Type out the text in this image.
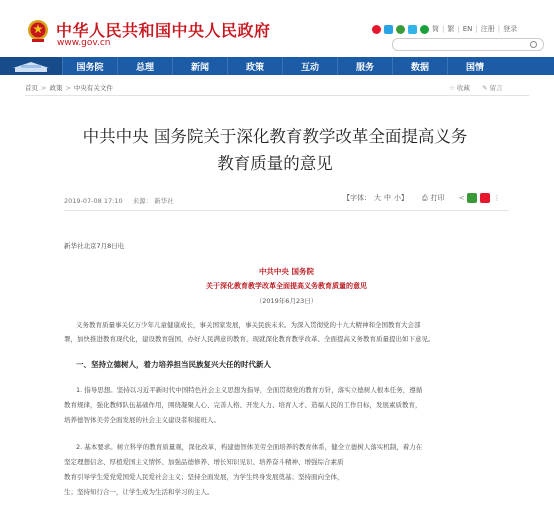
中华人民共和国中央人民政府
www.gov.cn
简 | 繁 | EN | 注册 | 登录
国务院	总理	新闻	政策	互动	服务	数据	国情
首页 > 政策 > 中央有关文件	☆ 收藏 ✎ 留言
中共中央 国务院关于深化教育教学改革全面提高义务
教育质量的意见
2019-07-08 17:10 来源： 新华社	【字体： 大 中 小】 ⎙ 打印 <	⋮
新华社北京7月8日电
中共中央 国务院
关于深化教育教学改革全面提高义务教育质量的意见
（2019年6月23日）
义务教育质量事关亿万少年儿童健康成长，事关国家发展，事关民族未来。为深入贯彻党的十九大精神和全国教育大会部
署，加快推进教育现代化，建设教育强国，办好人民满意的教育，现就深化教育教学改革、全面提高义务教育质量提出如下意见。
一、坚持立德树人，着力培养担当民族复兴大任的时代新人
1. 指导思想。坚持以习近平新时代中国特色社会主义思想为指导，全面贯彻党的教育方针，落实立德树人根本任务，遵循
教育规律，强化教师队伍基础作用，围绕凝聚人心、完善人格、开发人力、培育人才、造福人民的工作目标，发展素质教育，
培养德智体美劳全面发展的社会主义建设者和接班人。
2. 基本要求。树立科学的教育质量观，深化改革，构建德智体美劳全面培养的教育体系，健全立德树人落实机制，着力在
坚定理想信念、厚植爱国主义情怀、加强品德修养、增长知识见识、培养奋斗精神、增强综合素质
教育引导学生爱党爱国爱人民爱社会主义；坚持全面发展，为学生终身发展奠基；坚持面向全体，
生；坚持知行合一，让学生成为生活和学习的主人。
